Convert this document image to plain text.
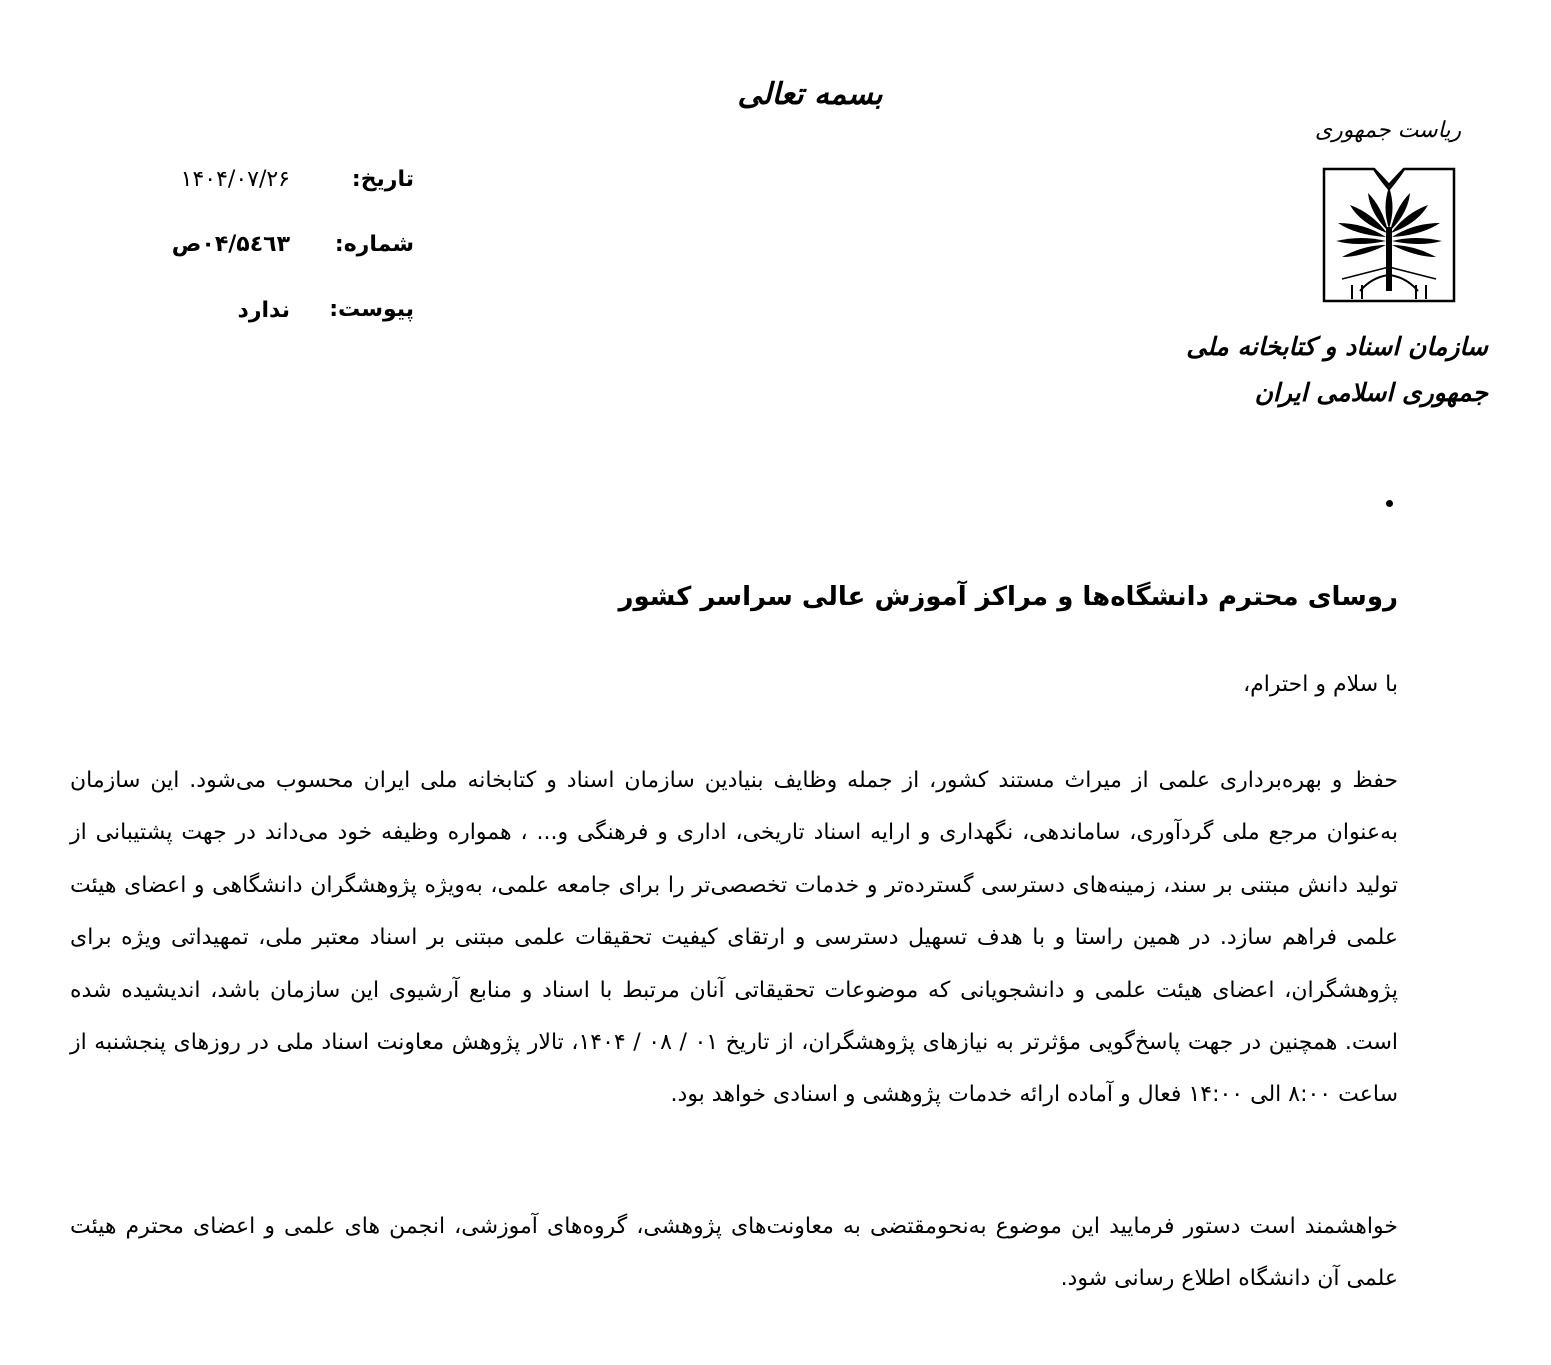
بسمه تعالی
تاریخ:
۱۴۰۴/۰۷/۲۶
شماره:
۰۴/۵٤٦٣ص
پیوست:
ندارد
ریاست جمهوری
سازمان اسناد و کتابخانه ملی
جمهوری اسلامی ایران
روسای محترم دانشگاه‌ها و مراکز آموزش عالی سراسر کشور
با سلام و احترام،
حفظ و بهره‌برداری علمی از میراث مستند کشور، از جمله وظایف بنیادین سازمان اسناد و کتابخانه ملی ایران محسوب می‌شود. این سازمان به‌عنوان مرجع ملی گردآوری، ساماندهی، نگهداری و ارایه اسناد تاریخی، اداری و فرهنگی و... ، همواره وظیفه خود می‌داند در جهت پشتیبانی از تولید دانش مبتنی بر سند، زمینه‌های دسترسی گسترده‌تر و خدمات تخصصی‌تر را برای جامعه علمی، به‌ویژه پژوهشگران دانشگاهی و اعضای هیئت علمی فراهم سازد. در همین راستا و با هدف تسهیل دسترسی و ارتقای کیفیت تحقیقات علمی مبتنی بر اسناد معتبر ملی، تمهیداتی ویژه برای پژوهشگران، اعضای هیئت علمی و دانشجویانی که موضوعات تحقیقاتی آنان مرتبط با اسناد و منابع آرشیوی این سازمان باشد، اندیشیده شده است. همچنین در جهت پاسخ‌گویی مؤثرتر به نیازهای پژوهشگران، از تاریخ ۰۱ / ۰۸ / ۱۴۰۴، تالار پژوهش معاونت اسناد ملی در روزهای پنجشنبه از ساعت ۸:۰۰ الی ۱۴:۰۰ فعال و آماده ارائه خدمات پژوهشی و اسنادی خواهد بود.
خواهشمند است دستور فرمایید این موضوع به‌نحومقتضی به معاونت‌های پژوهشی، گروه‌های آموزشی، انجمن های علمی و اعضای محترم هیئت علمی آن دانشگاه اطلاع رسانی شود.
